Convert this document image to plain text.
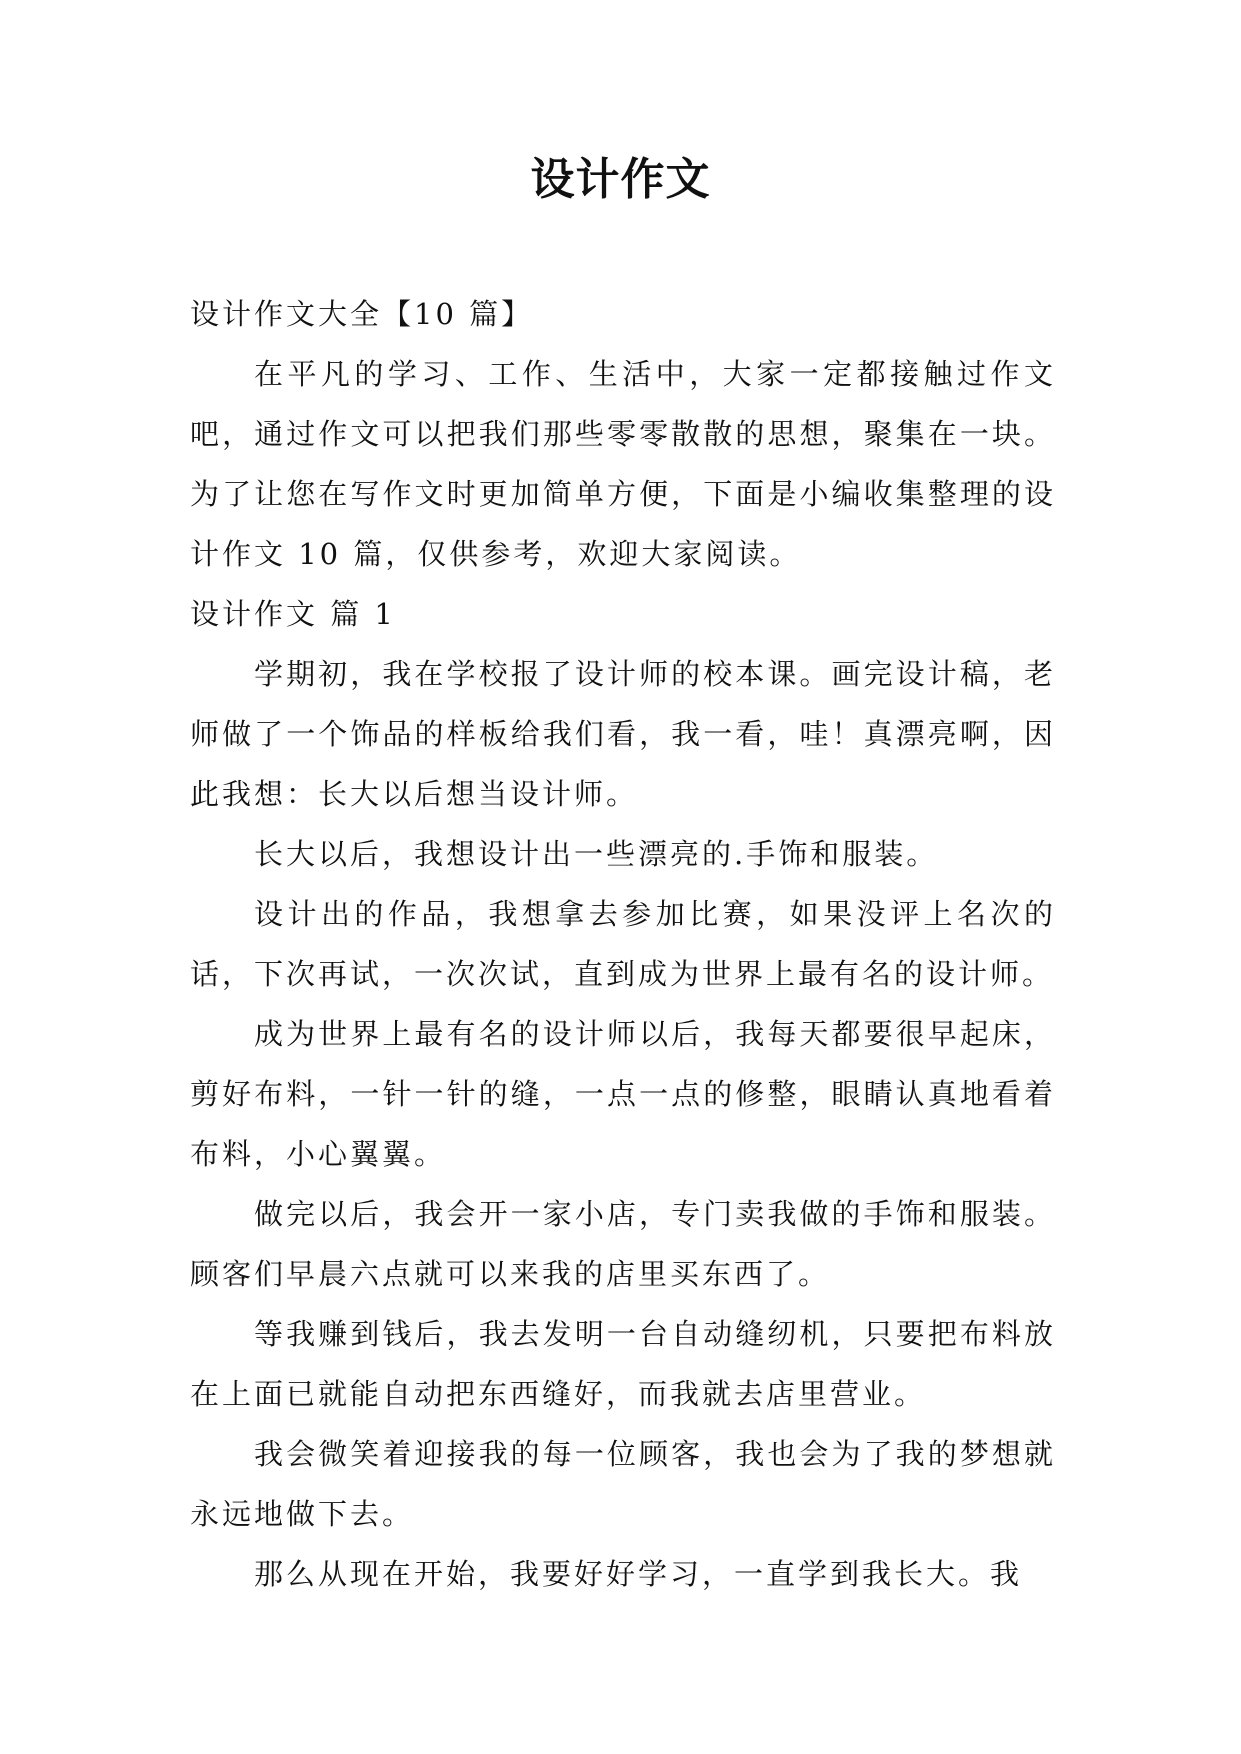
设计作文

设计作文大全【10 篇】

在平凡的学习、工作、生活中，大家一定都接触过作文吧，通过作文可以把我们那些零零散散的思想，聚集在一块。为了让您在写作文时更加简单方便，下面是小编收集整理的设计作文 10 篇，仅供参考，欢迎大家阅读。

设计作文 篇 1

学期初，我在学校报了设计师的校本课。画完设计稿，老师做了一个饰品的样板给我们看，我一看，哇！真漂亮啊，因此我想：长大以后想当设计师。

长大以后，我想设计出一些漂亮的.手饰和服装。

设计出的作品，我想拿去参加比赛，如果没评上名次的话，下次再试，一次次试，直到成为世界上最有名的设计师。

成为世界上最有名的设计师以后，我每天都要很早起床，剪好布料，一针一针的缝，一点一点的修整，眼睛认真地看着布料，小心翼翼。

做完以后，我会开一家小店，专门卖我做的手饰和服装。顾客们早晨六点就可以来我的店里买东西了。

等我赚到钱后，我去发明一台自动缝纫机，只要把布料放在上面已就能自动把东西缝好，而我就去店里营业。

我会微笑着迎接我的每一位顾客，我也会为了我的梦想就永远地做下去。

那么从现在开始，我要好好学习，一直学到我长大。我
